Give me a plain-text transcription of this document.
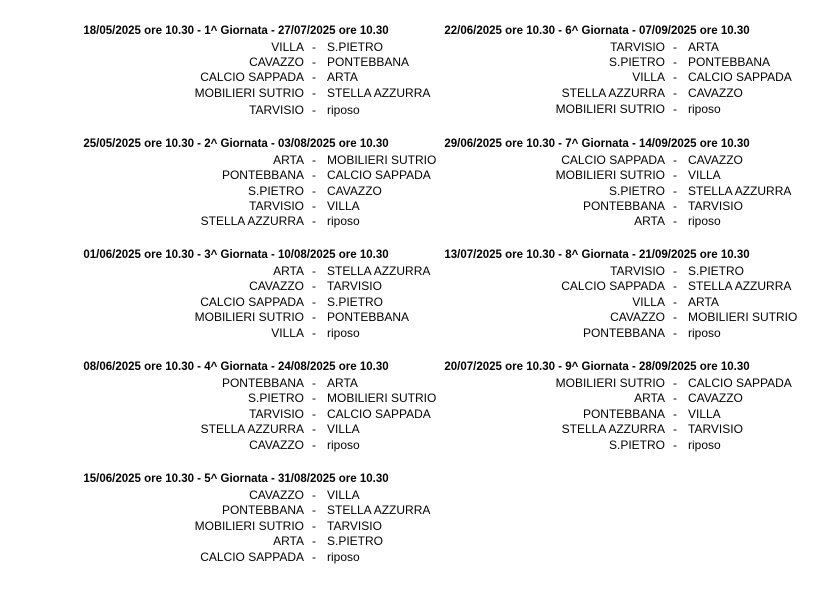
18/05/2025 ore 10.30 - 1^ Giornata - 27/07/2025 ore 10.30
VILLA - S.PIETRO
CAVAZZO - PONTEBBANA
CALCIO SAPPADA - ARTA
MOBILIERI SUTRIO - STELLA AZZURRA
TARVISIO - riposo
25/05/2025 ore 10.30 - 2^ Giornata - 03/08/2025 ore 10.30
ARTA - MOBILIERI SUTRIO
PONTEBBANA - CALCIO SAPPADA
S.PIETRO - CAVAZZO
TARVISIO - VILLA
STELLA AZZURRA - riposo
01/06/2025 ore 10.30 - 3^ Giornata - 10/08/2025 ore 10.30
ARTA - STELLA AZZURRA
CAVAZZO - TARVISIO
CALCIO SAPPADA - S.PIETRO
MOBILIERI SUTRIO - PONTEBBANA
VILLA - riposo
08/06/2025 ore 10.30 - 4^ Giornata - 24/08/2025 ore 10.30
PONTEBBANA - ARTA
S.PIETRO - MOBILIERI SUTRIO
TARVISIO - CALCIO SAPPADA
STELLA AZZURRA - VILLA
CAVAZZO - riposo
15/06/2025 ore 10.30 - 5^ Giornata - 31/08/2025 ore 10.30
CAVAZZO - VILLA
PONTEBBANA - STELLA AZZURRA
MOBILIERI SUTRIO - TARVISIO
ARTA - S.PIETRO
CALCIO SAPPADA - riposo
22/06/2025 ore 10.30 - 6^ Giornata - 07/09/2025 ore 10.30
TARVISIO - ARTA
S.PIETRO - PONTEBBANA
VILLA - CALCIO SAPPADA
STELLA AZZURRA - CAVAZZO
MOBILIERI SUTRIO - riposo
29/06/2025 ore 10.30 - 7^ Giornata - 14/09/2025 ore 10.30
CALCIO SAPPADA - CAVAZZO
MOBILIERI SUTRIO - VILLA
S.PIETRO - STELLA AZZURRA
PONTEBBANA - TARVISIO
ARTA - riposo
13/07/2025 ore 10.30 - 8^ Giornata - 21/09/2025 ore 10.30
TARVISIO - S.PIETRO
CALCIO SAPPADA - STELLA AZZURRA
VILLA - ARTA
CAVAZZO - MOBILIERI SUTRIO
PONTEBBANA - riposo
20/07/2025 ore 10.30 - 9^ Giornata - 28/09/2025 ore 10.30
MOBILIERI SUTRIO - CALCIO SAPPADA
ARTA - CAVAZZO
PONTEBBANA - VILLA
STELLA AZZURRA - TARVISIO
S.PIETRO - riposo
